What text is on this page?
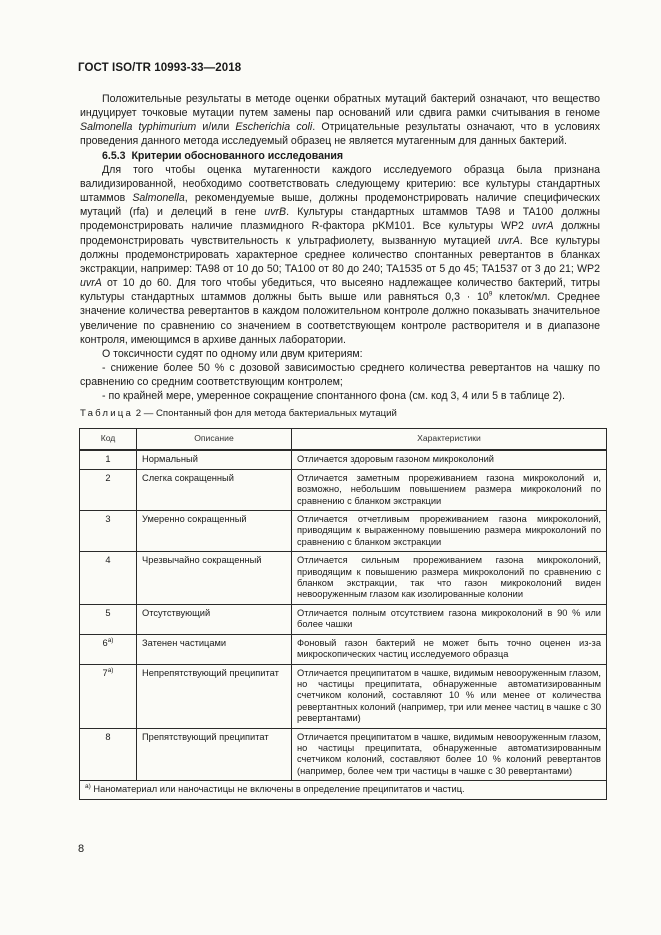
ГОСТ ISO/TR 10993-33—2018

Положительные результаты в методе оценки обратных мутаций бактерий означают, что вещество индуцирует точковые мутации путем замены пар оснований или сдвига рамки считывания в геноме Salmonella typhimurium и/или Escherichia coli. Отрицательные результаты означают, что в условиях проведения данного метода исследуемый образец не является мутагенным для данных бактерий.

6.5.3 Критерии обоснованного исследования

Для того чтобы оценка мутагенности каждого исследуемого образца была признана валидизированной, необходимо соответствовать следующему критерию: все культуры стандартных штаммов Salmonella, рекомендуемые выше, должны продемонстрировать наличие специфических мутаций (rfa) и делеций в гене uvrB. Культуры стандартных штаммов TA98 и TA100 должны продемонстрировать наличие плазмидного R-фактора pKM101. Все культуры WP2 uvrA должны продемонстрировать чувствительность к ультрафиолету, вызванную мутацией uvrA. Все культуры должны продемонстрировать характерное среднее количество спонтанных ревертантов в бланках экстракции, например: TA98 от 10 до 50; TA100 от 80 до 240; TA1535 от 5 до 45; TA1537 от 3 до 21; WP2 uvrA от 10 до 60. Для того чтобы убедиться, что высеяно надлежащее количество бактерий, титры культуры стандартных штаммов должны быть выше или равняться $0,3 \cdot 10^9$ клеток/мл. Среднее значение количества ревертантов в каждом положительном контроле должно показывать значительное увеличение по сравнению со значением в соответствующем контроле растворителя и в диапазоне контроля, имеющимся в архиве данных лаборатории.

О токсичности судят по одному или двум критериям:

- снижение более 50 % с дозовой зависимостью среднего количества ревертантов на чашку по сравнению со средним соответствующим контролем;

- по крайней мере, умеренное сокращение спонтанного фона (см. код 3, 4 или 5 в таблице 2).

Таблица 2 — Спонтанный фон для метода бактериальных мутаций
Код	Описание	Характеристики
1	Нормальный	Отличается здоровым газоном микроколоний
2	Слегка сокращенный	Отличается заметным прореживанием газона микроколоний и, возможно, небольшим повышением размера микроколоний по сравнению с бланком экстракции
3	Умеренно сокращенный	Отличается отчетливым прореживанием газона микроколоний, приводящим к выраженному повышению размера микроколоний по сравнению с бланком экстракции
4	Чрезвычайно сокращенный	Отличается сильным прореживанием газона микроколоний, приводящим к повышению размера микроколоний по сравнению с бланком экстракции, так что газон микроколоний виден невооруженным глазом как изолированные колонии
5	Отсутствующий	Отличается полным отсутствием газона микроколоний в 90 % или более чашки
$6^{а)}$	Затенен частицами	Фоновый газон бактерий не может быть точно оценен из-за микроскопических частиц исследуемого образца
$7^{а)}$	Непрепятствующий преципитат	Отличается преципитатом в чашке, видимым невооруженным глазом, но частицы преципитата, обнаруженные автоматизированным счетчиком колоний, составляют 10 % или менее от количества ревертантных колоний (например, три или менее частиц в чашке с 30 ревертантами)
8	Препятствующий преципитат	Отличается преципитатом в чашке, видимым невооруженным глазом, но частицы преципитата, обнаруженные автоматизированным счетчиком колоний, составляют более 10 % колоний ревертантов (например, более чем три частицы в чашке с 30 ревертантами)
$^{а)}$ Наноматериал или наночастицы не включены в определение преципитатов и частиц.		
8
